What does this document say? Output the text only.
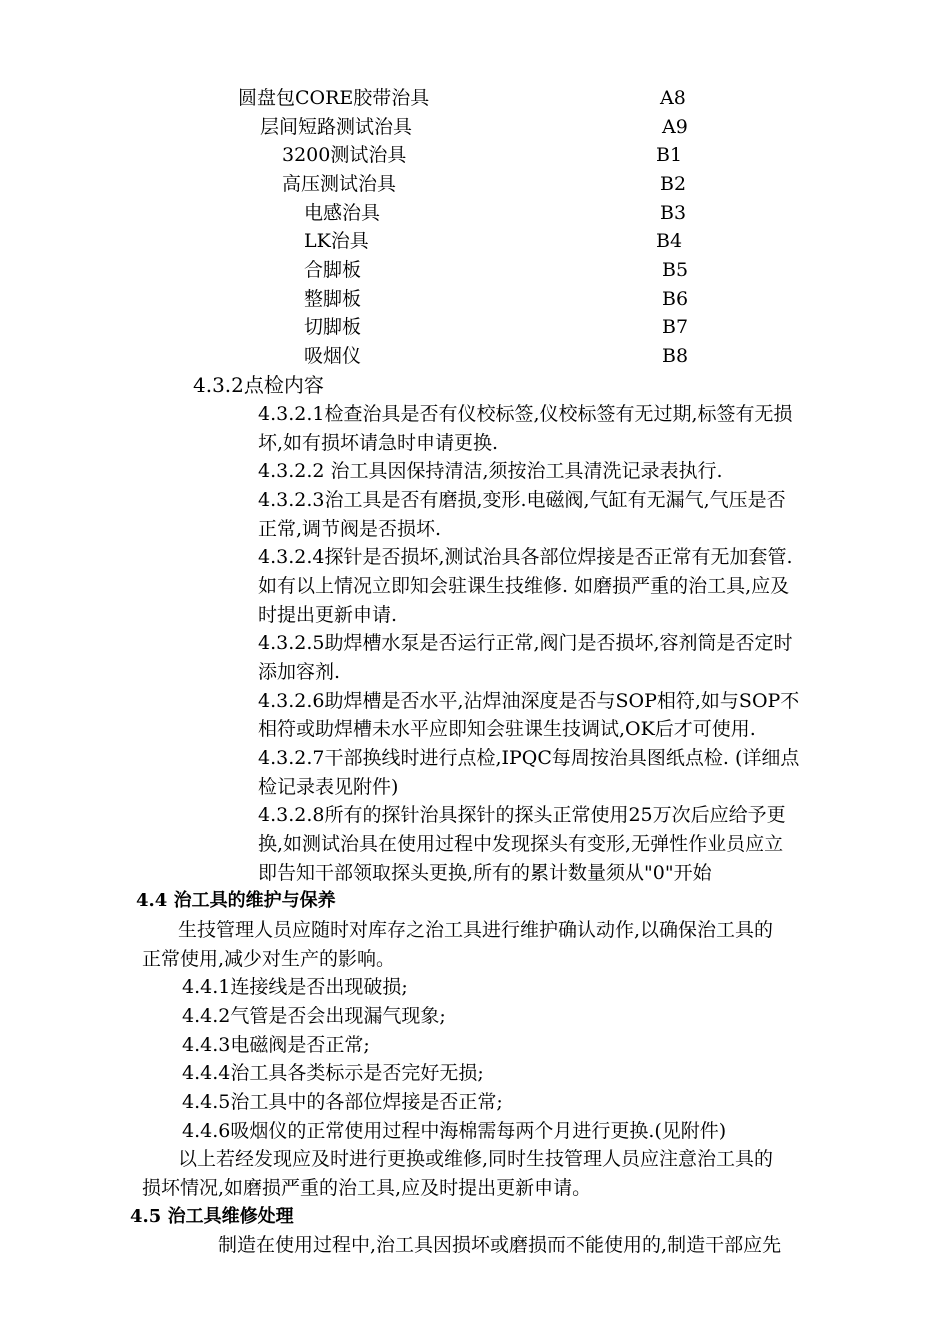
圆盘包CORE胶带治具	A8
层间短路测试治具	A9
3200测试治具	B1
高压测试治具	B2
电感治具	B3
LK治具	B4
合脚板	B5
整脚板	B6
切脚板	B7
吸烟仪	B8
4.3.2点检内容
4.3.2.1检查治具是否有仪校标签,仪校标签有无过期,标签有无损
坏,如有损坏请急时申请更换.
4.3.2.2 治工具因保持清洁,须按治工具清洗记录表执行.
4.3.2.3治工具是否有磨损,变形.电磁阀,气缸有无漏气,气压是否
正常,调节阀是否损坏.
4.3.2.4探针是否损坏,测试治具各部位焊接是否正常有无加套管.
如有以上情况立即知会驻课生技维修. 如磨损严重的治工具,应及
时提出更新申请.
4.3.2.5助焊槽水泵是否运行正常,阀门是否损坏,容剂筒是否定时
添加容剂.
4.3.2.6助焊槽是否水平,沾焊油深度是否与SOP相符,如与SOP不
相符或助焊槽未水平应即知会驻课生技调试,OK后才可使用.
4.3.2.7干部换线时进行点检,IPQC每周按治具图纸点检. (详细点
检记录表见附件)
4.3.2.8所有的探针治具探针的探头正常使用25万次后应给予更
换,如测试治具在使用过程中发现探头有变形,无弹性作业员应立
即告知干部领取探头更换,所有的累计数量须从"0"开始
4.4 治工具的维护与保养
生技管理人员应随时对库存之治工具进行维护确认动作,以确保治工具的
正常使用,减少对生产的影响。
4.4.1连接线是否出现破损;
4.4.2气管是否会出现漏气现象;
4.4.3电磁阀是否正常;
4.4.4治工具各类标示是否完好无损;
4.4.5治工具中的各部位焊接是否正常;
4.4.6吸烟仪的正常使用过程中海棉需每两个月进行更换.(见附件)
以上若经发现应及时进行更换或维修,同时生技管理人员应注意治工具的
损坏情况,如磨损严重的治工具,应及时提出更新申请。
4.5 治工具维修处理
制造在使用过程中,治工具因损坏或磨损而不能使用的,制造干部应先
